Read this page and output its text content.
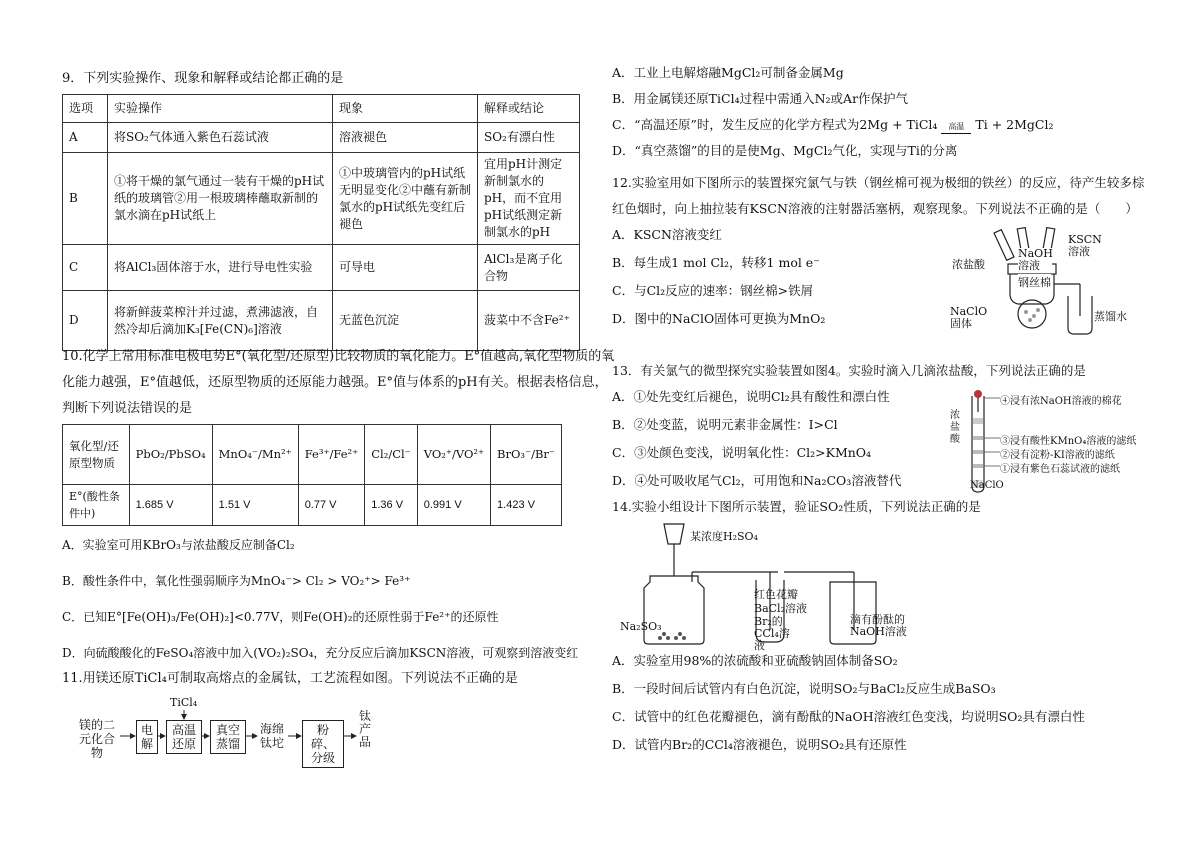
9．下列实验操作、现象和解释或结论都正确的是
选项	实验操作	现象	解释或结论
A	将SO₂气体通入紫色石蕊试液	溶液褪色	SO₂有漂白性
B	①将干燥的氯气通过一装有干燥的pH试纸的玻璃管②用一根玻璃棒蘸取新制的氯水滴在pH试纸上	①中玻璃管内的pH试纸无明显变化②中蘸有新制氯水的pH试纸先变红后褪色	宜用pH计测定新制氯水的pH，而不宜用pH试纸测定新制氯水的pH
C	将AlCl₃固体溶于水，进行导电性实验	可导电	AlCl₃是离子化合物
D	将新鲜菠菜榨汁并过滤，煮沸滤液，自然冷却后滴加K₃[Fe(CN)₆]溶液	无蓝色沉淀	菠菜中不含Fe²⁺
10.化学上常用标准电极电势E°(氧化型/还原型)比较物质的氧化能力。E°值越高,氧化型物质的氧
化能力越强，E°值越低，还原型物质的还原能力越强。E°值与体系的pH有关。根据表格信息，
判断下列说法错误的是
氧化型/还原型物质	PbO₂/PbSO₄	MnO₄⁻/Mn²⁺	Fe³⁺/Fe²⁺	Cl₂/Cl⁻	VO₂⁺/VO²⁺	BrO₃⁻/Br⁻
E°(酸性条件中)	1.685 V	1.51 V	0.77 V	1.36 V	0.991 V	1.423 V
A．实验室可用KBrO₃与浓盐酸反应制备Cl₂
B．酸性条件中，氧化性强弱顺序为MnO₄⁻> Cl₂ > VO₂⁺> Fe³⁺
C．已知E°[Fe(OH)₃/Fe(OH)₂]<0.77V，则Fe(OH)₂的还原性弱于Fe²⁺的还原性
D．向硫酸酸化的FeSO₄溶液中加入(VO₂)₂SO₄，充分反应后滴加KSCN溶液，可观察到溶液变红
11.用镁还原TiCl₄可制取高熔点的金属钛，工艺流程如图。下列说法不正确的是
镁的二元化合物
电解
TiCl₄
高温还原
真空蒸馏
海绵钛坨
粉碎、分级
钛产品
A．工业上电解熔融MgCl₂可制备金属Mg
B．用金属镁还原TiCl₄过程中需通入N₂或Ar作保护气
C．“高温还原”时，发生反应的化学方程式为2Mg + TiCl₄	高温 Ti + 2MgCl₂
D．“真空蒸馏”的目的是使Mg、MgCl₂气化，实现与Ti的分离
12.实验室用如下图所示的装置探究氯气与铁（钢丝棉可视为极细的铁丝）的反应，待产生较多棕
红色烟时，向上抽拉装有KSCN溶液的注射器活塞柄，观察现象。下列说法不正确的是（　　）
A．KSCN溶液变红
B．每生成1 mol Cl₂，转移1 mol e⁻
C．与Cl₂反应的速率：钢丝棉>铁屑
D．图中的NaClO固体可更换为MnO₂
浓盐酸
NaOH溶液
KSCN溶液
钢丝棉
NaClO固体
蒸馏水
13．有关氯气的微型探究实验装置如图4。实验时滴入几滴浓盐酸，下列说法正确的是
A．①处先变红后褪色，说明Cl₂具有酸性和漂白性
B．②处变蓝，说明元素非金属性：I>Cl
C．③处颜色变浅，说明氧化性：Cl₂>KMnO₄
D．④处可吸收尾气Cl₂，可用饱和Na₂CO₃溶液替代
浓盐酸
④浸有浓NaOH溶液的棉花
③浸有酸性KMnO₄溶液的滤纸
②浸有淀粉-KI溶液的滤纸
①浸有紫色石蕊试液的滤纸
NaClO
14.实验小组设计下图所示装置，验证SO₂性质，下列说法正确的是
某浓度H₂SO₄
Na₂SO₃
红色花瓣
BaCl₂溶液
Br₂的CCl₄溶液
滴有酚酞的NaOH溶液
A．实验室用98%的浓硫酸和亚硫酸钠固体制备SO₂
B．一段时间后试管内有白色沉淀，说明SO₂与BaCl₂反应生成BaSO₃
C．试管中的红色花瓣褪色，滴有酚酞的NaOH溶液红色变浅，均说明SO₂具有漂白性
D．试管内Br₂的CCl₄溶液褪色，说明SO₂具有还原性
